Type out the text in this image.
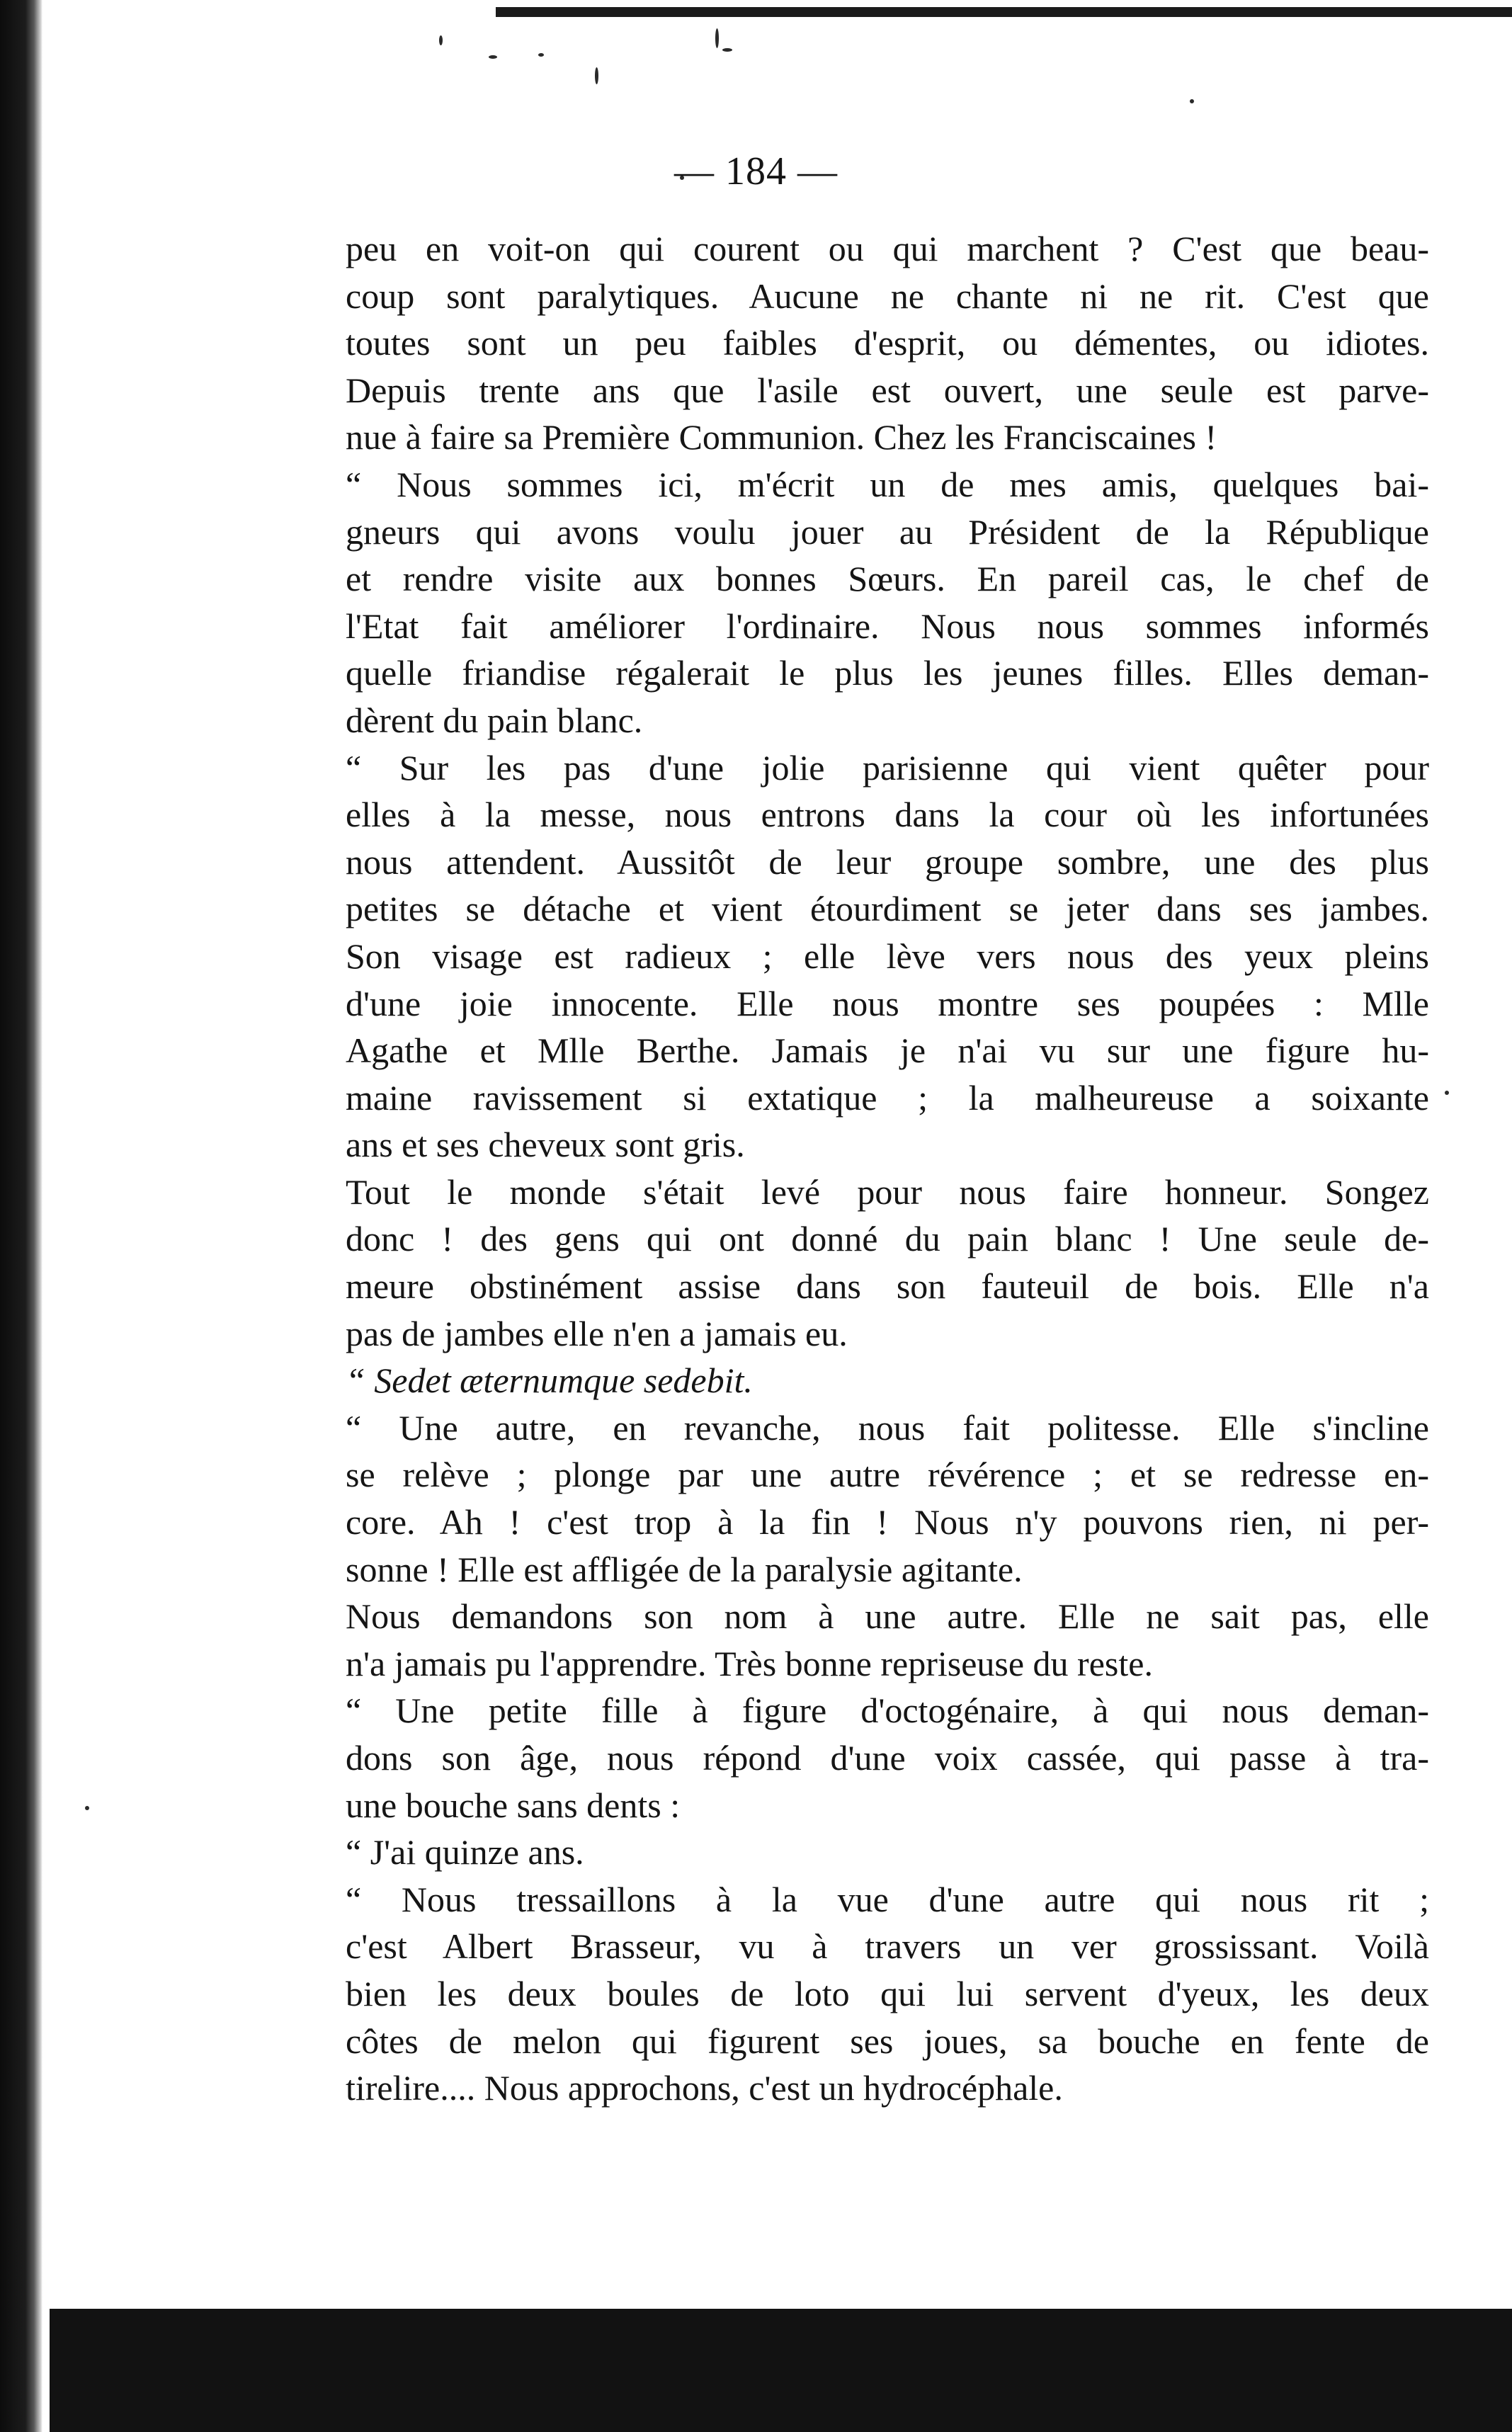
— 184 —
peu en voit-on qui courent ou qui marchent ? C'est que beau-
coup sont paralytiques. Aucune ne chante ni ne rit. C'est que
toutes sont un peu faibles d'esprit, ou démentes, ou idiotes.
Depuis trente ans que l'asile est ouvert, une seule est parve-
nue à faire sa Première Communion. Chez les Franciscaines !
“ Nous sommes ici, m'écrit un de mes amis, quelques bai-
gneurs qui avons voulu jouer au Président de la République
et rendre visite aux bonnes Sœurs. En pareil cas, le chef de
l'Etat fait améliorer l'ordinaire. Nous nous sommes informés
quelle friandise régalerait le plus les jeunes filles. Elles deman-
dèrent du pain blanc.
“ Sur les pas d'une jolie parisienne qui vient quêter pour
elles à la messe, nous entrons dans la cour où les infortunées
nous attendent. Aussitôt de leur groupe sombre, une des plus
petites se détache et vient étourdiment se jeter dans ses jambes.
Son visage est radieux ; elle lève vers nous des yeux pleins
d'une joie innocente. Elle nous montre ses poupées : Mlle
Agathe et Mlle Berthe. Jamais je n'ai vu sur une figure hu-
maine ravissement si extatique ; la malheureuse a soixante
ans et ses cheveux sont gris.
Tout le monde s'était levé pour nous faire honneur. Songez
donc ! des gens qui ont donné du pain blanc ! Une seule de-
meure obstinément assise dans son fauteuil de bois. Elle n'a
pas de jambes elle n'en a jamais eu.
“ Sedet æternumque sedebit.
“ Une autre, en revanche, nous fait politesse. Elle s'incline
se relève ; plonge par une autre révérence ; et se redresse en-
core. Ah ! c'est trop à la fin ! Nous n'y pouvons rien, ni per-
sonne ! Elle est affligée de la paralysie agitante.
Nous demandons son nom à une autre. Elle ne sait pas, elle
n'a jamais pu l'apprendre. Très bonne repriseuse du reste.
“ Une petite fille à figure d'octogénaire, à qui nous deman-
dons son âge, nous répond d'une voix cassée, qui passe à tra-
une bouche sans dents :
“ J'ai quinze ans.
“ Nous tressaillons à la vue d'une autre qui nous rit ;
c'est Albert Brasseur, vu à travers un ver grossissant. Voilà
bien les deux boules de loto qui lui servent d'yeux, les deux
côtes de melon qui figurent ses joues, sa bouche en fente de
tirelire.... Nous approchons, c'est un hydrocéphale.
